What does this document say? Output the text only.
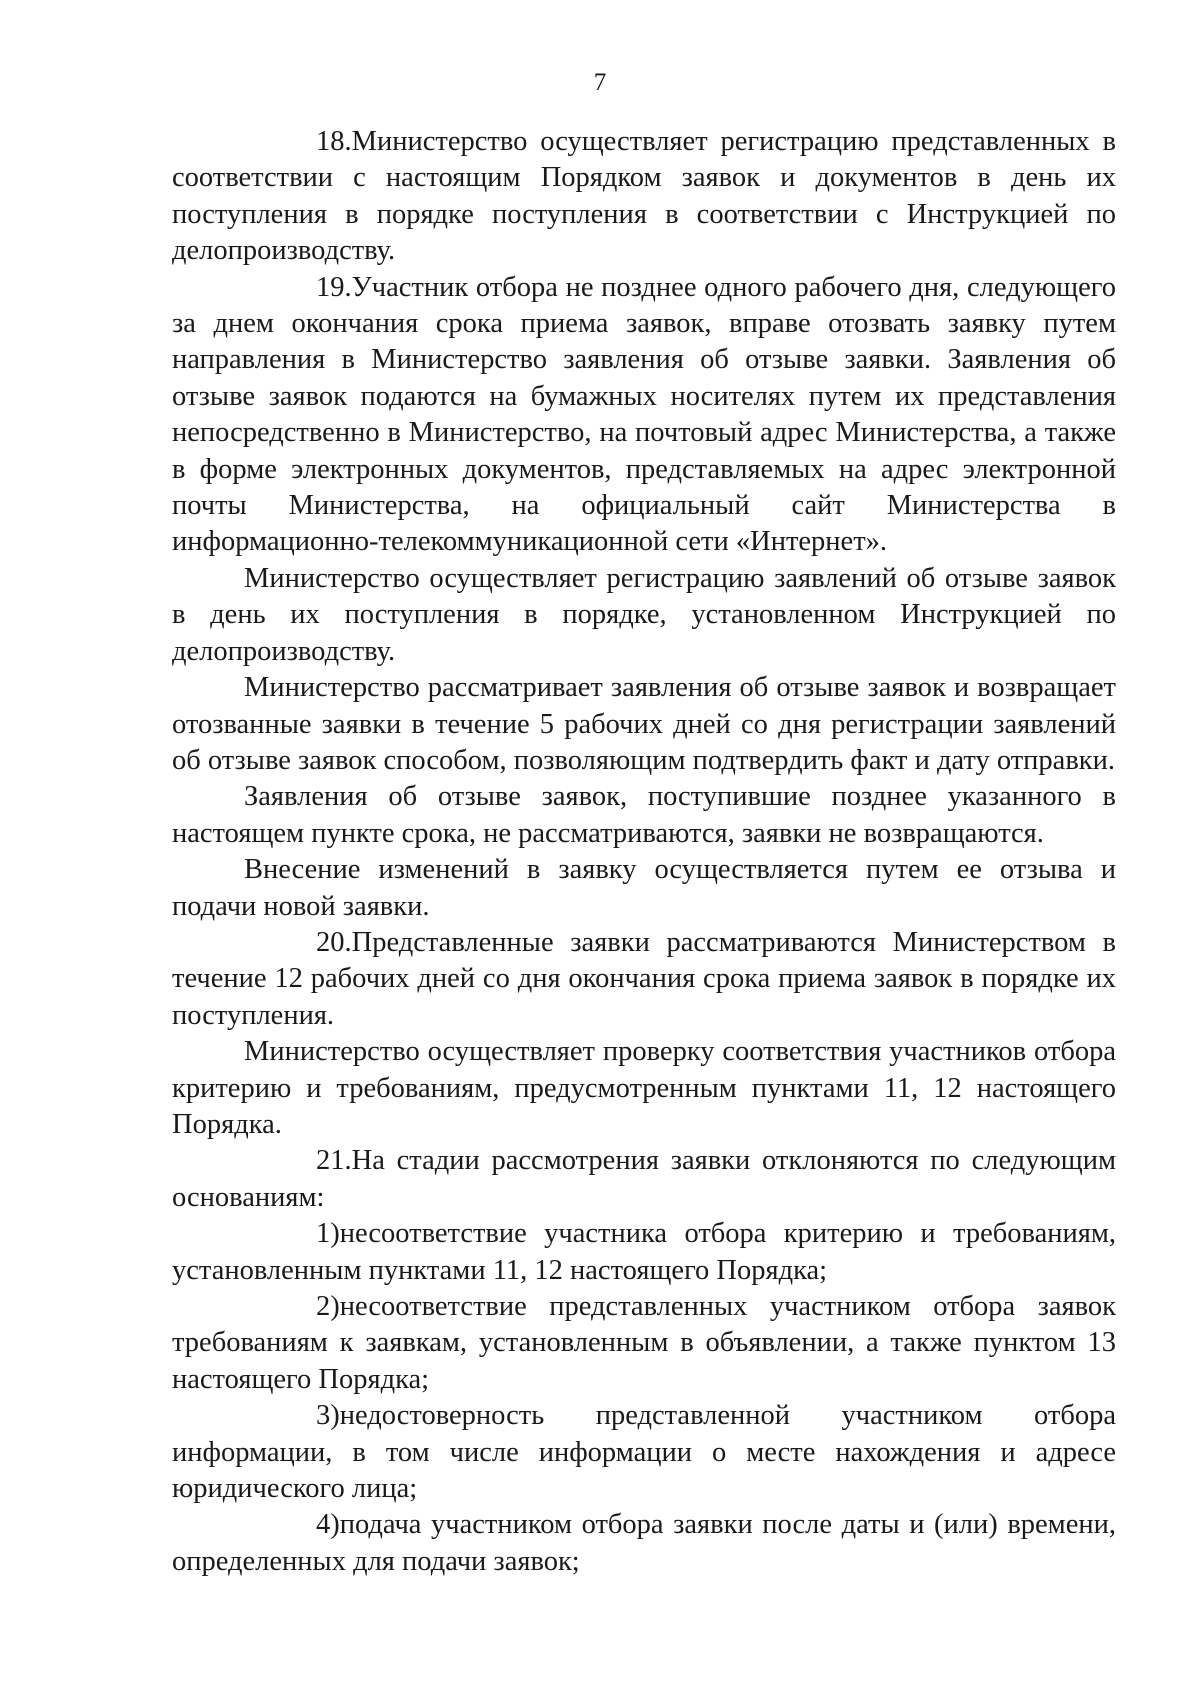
7

18.Министерство осуществляет регистрацию представленных в соответствии с настоящим Порядком заявок и документов в день их поступления в порядке поступления в соответствии с Инструкцией по делопроизводству.

19.Участник отбора не позднее одного рабочего дня, следующего за днем окончания срока приема заявок, вправе отозвать заявку путем направления в Министерство заявления об отзыве заявки. Заявления об отзыве заявок подаются на бумажных носителях путем их представления непосредственно в Министерство, на почтовый адрес Министерства, а также в форме электронных документов, представляемых на адрес электронной почты Министерства, на официальный сайт Министерства в информационно-телекоммуникационной сети «Интернет».

Министерство осуществляет регистрацию заявлений об отзыве заявок в день их поступления в порядке, установленном Инструкцией по делопроизводству.

Министерство рассматривает заявления об отзыве заявок и возвращает отозванные заявки в течение 5 рабочих дней со дня регистрации заявлений об отзыве заявок способом, позволяющим подтвердить факт и дату отправки.

Заявления об отзыве заявок, поступившие позднее указанного в настоящем пункте срока, не рассматриваются, заявки не возвращаются.

Внесение изменений в заявку осуществляется путем ее отзыва и подачи новой заявки.

20.Представленные заявки рассматриваются Министерством в течение 12 рабочих дней со дня окончания срока приема заявок в порядке их поступления.

Министерство осуществляет проверку соответствия участников отбора критерию и требованиям, предусмотренным пунктами 11, 12 настоящего Порядка.

21.На стадии рассмотрения заявки отклоняются по следующим основаниям:

1)несоответствие участника отбора критерию и требованиям, установленным пунктами 11, 12 настоящего Порядка;

2)несоответствие представленных участником отбора заявок требованиям к заявкам, установленным в объявлении, а также пунктом 13 настоящего Порядка;

3)недостоверность представленной участником отбора информации, в том числе информации о месте нахождения и адресе юридического лица;

4)подача участником отбора заявки после даты и (или) времени, определенных для подачи заявок;
